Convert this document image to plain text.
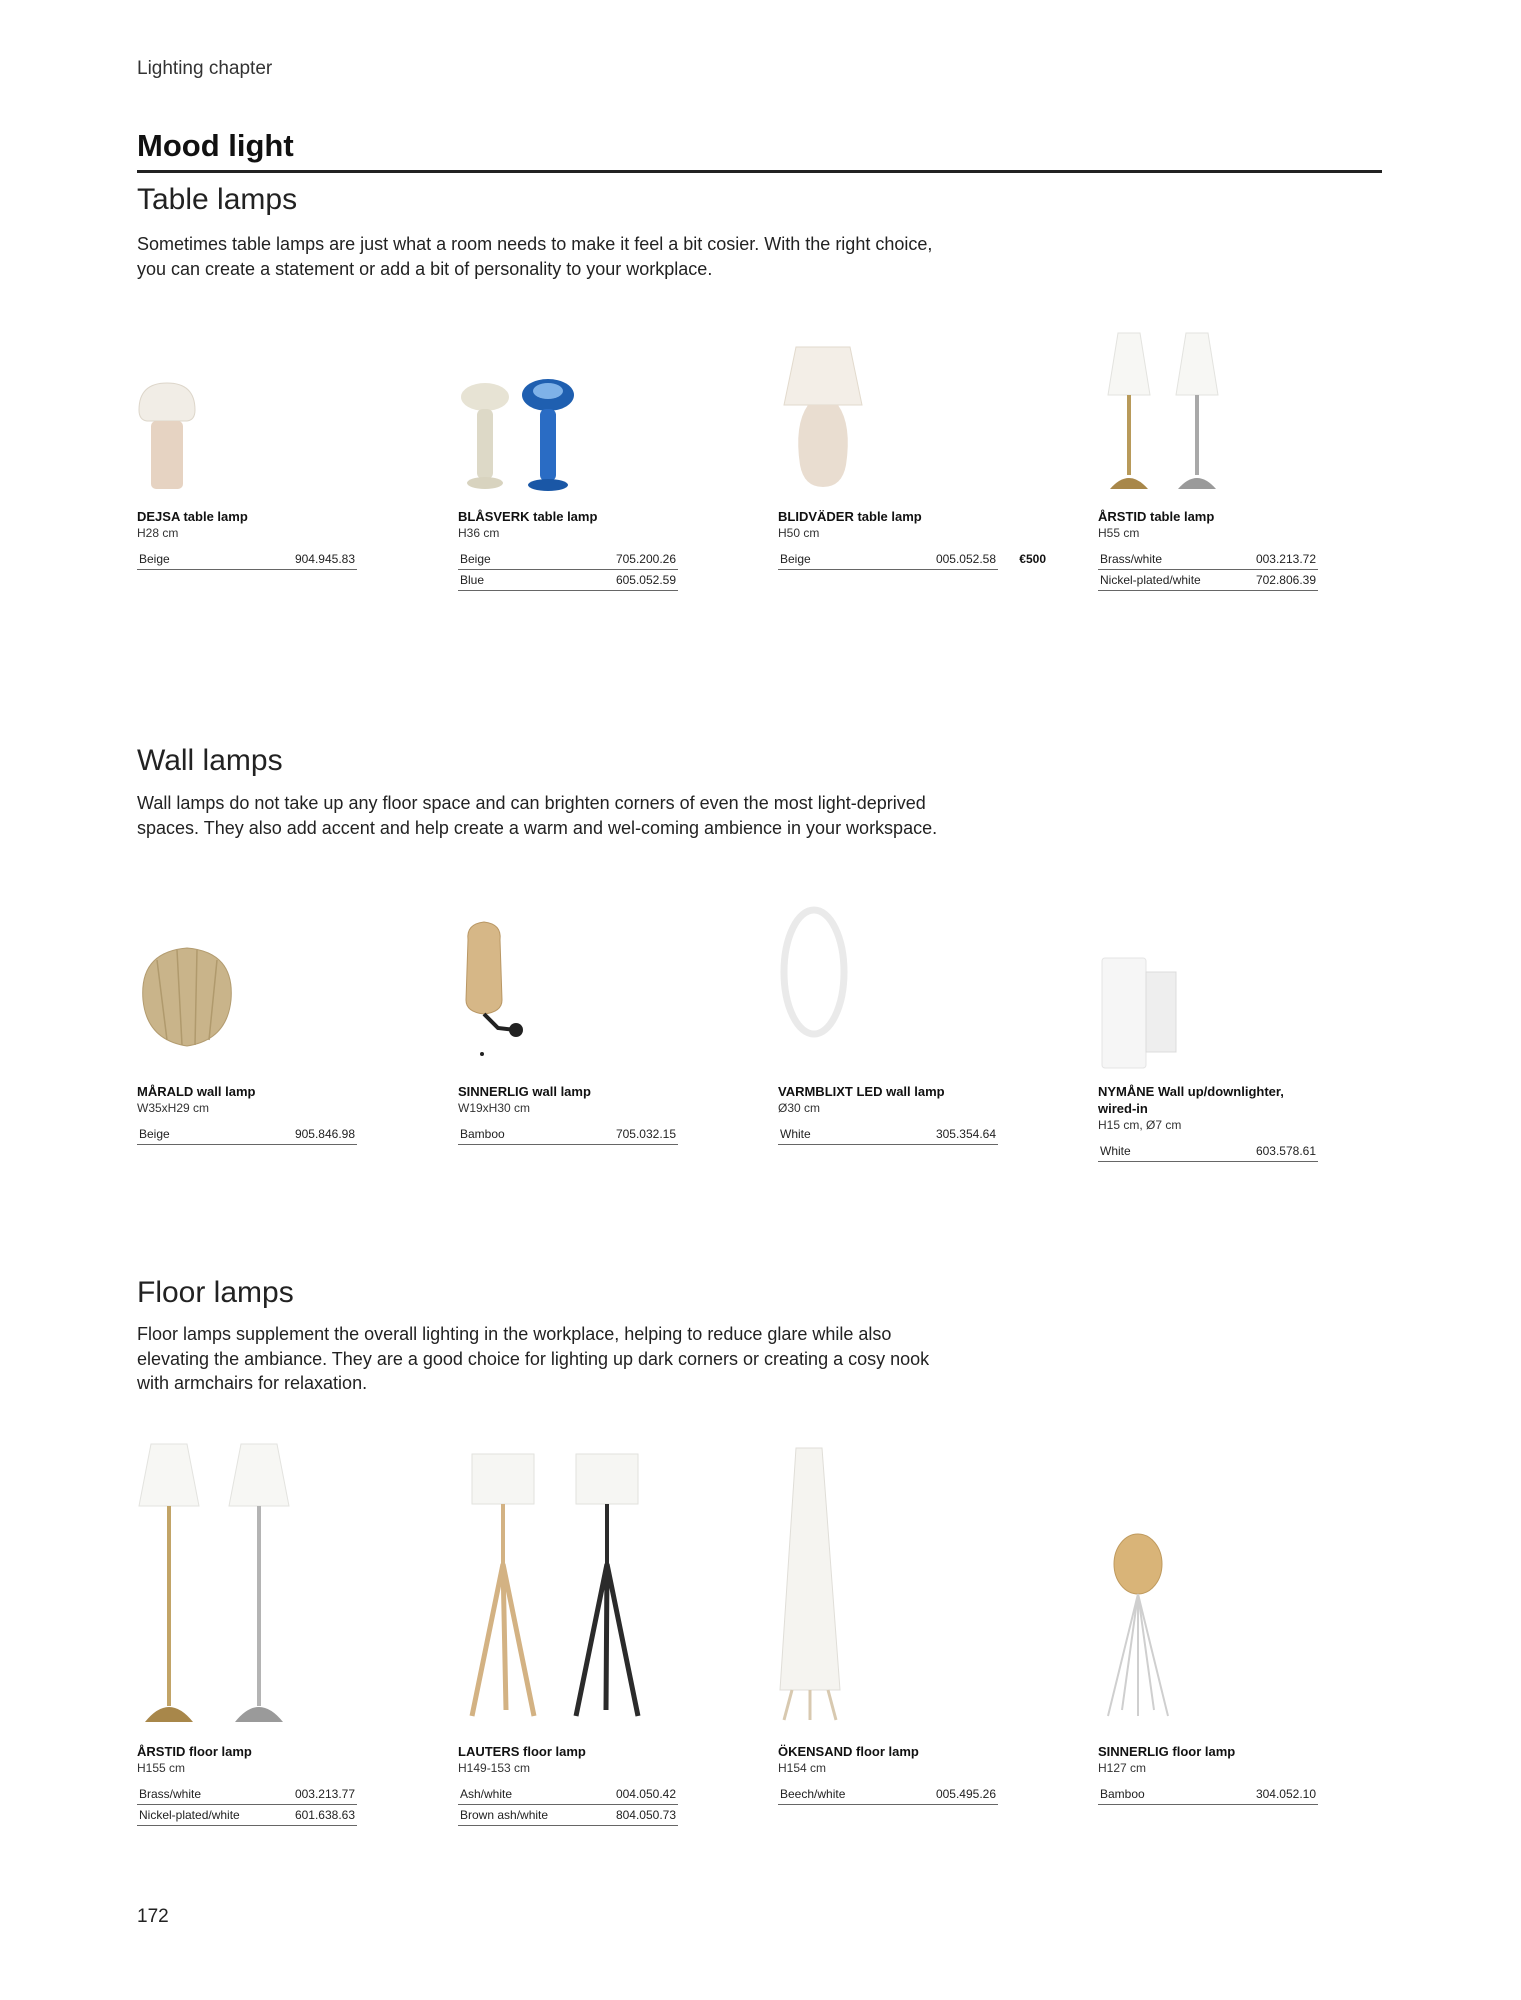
Lighting chapter
Mood light
Table lamps
Sometimes table lamps are just what a room needs to make it feel a bit cosier. With the right choice, you can create a statement or add a bit of personality to your workplace.
DEJSA table lamp
H28 cm
Beige	904.945.83
BLÅSVERK table lamp
H36 cm
Beige	705.200.26
Blue	605.052.59
BLIDVÄDER table lamp
H50 cm
Beige	005.052.58 €500
ÅRSTID table lamp
H55 cm
Brass/white	003.213.72
Nickel-plated/white	702.806.39
Wall lamps
Wall lamps do not take up any floor space and can brighten corners of even the most light-deprived spaces. They also add accent and help create a warm and wel-coming ambience in your workspace.
MÅRALD wall lamp
W35xH29 cm
Beige	905.846.98
SINNERLIG wall lamp
W19xH30 cm
Bamboo	705.032.15
VARMBLIXT LED wall lamp
Ø30 cm
White	305.354.64
NYMÅNE Wall up/downlighter, wired-in
H15 cm, Ø7 cm
White	603.578.61
Floor lamps
Floor lamps supplement the overall lighting in the workplace, helping to reduce glare while also elevating the ambiance. They are a good choice for lighting up dark corners or creating a cosy nook with armchairs for relaxation.
ÅRSTID floor lamp
H155 cm
Brass/white	003.213.77
Nickel-plated/white	601.638.63
LAUTERS floor lamp
H149-153 cm
Ash/white	004.050.42
Brown ash/white	804.050.73
ÖKENSAND floor lamp
H154 cm
Beech/white	005.495.26
SINNERLIG floor lamp
H127 cm
Bamboo	304.052.10
172
